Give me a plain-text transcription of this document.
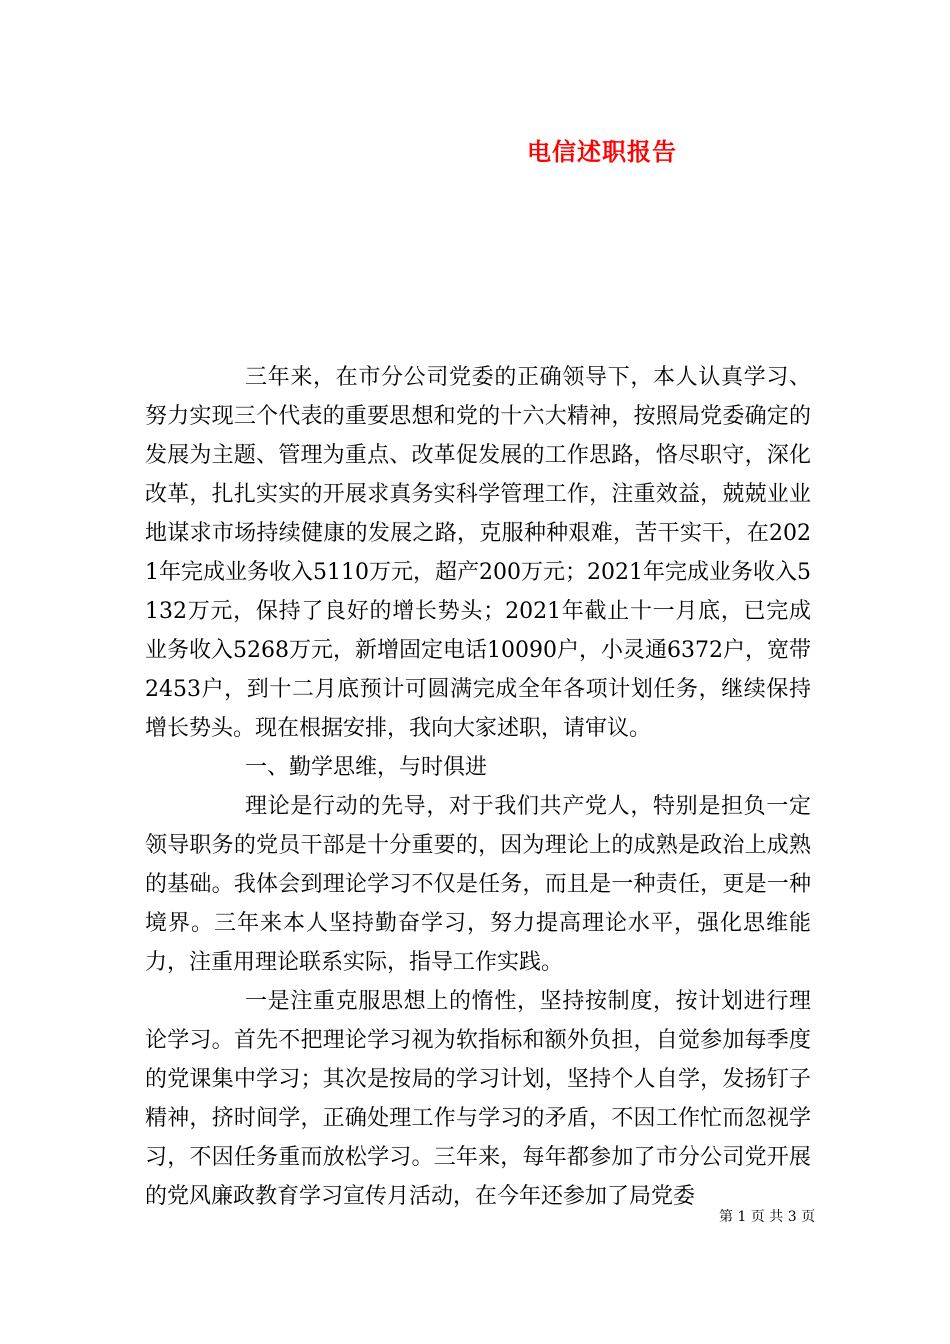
电信述职报告

三年来，在市分公司党委的正确领导下，本人认真学习、努力实现三个代表的重要思想和党的十六大精神，按照局党委确定的发展为主题、管理为重点、改革促发展的工作思路，恪尽职守，深化改革，扎扎实实的开展求真务实科学管理工作，注重效益，兢兢业业地谋求市场持续健康的发展之路，克服种种艰难，苦干实干，在2021年完成业务收入5110万元，超产200万元；2021年完成业务收入5132万元，保持了良好的增长势头；2021年截止十一月底，已完成业务收入5268万元，新增固定电话10090户，小灵通6372户，宽带2453户，到十二月底预计可圆满完成全年各项计划任务，继续保持增长势头。现在根据安排，我向大家述职，请审议。

一、勤学思维，与时俱进

理论是行动的先导，对于我们共产党人，特别是担负一定领导职务的党员干部是十分重要的，因为理论上的成熟是政治上成熟的基础。我体会到理论学习不仅是任务，而且是一种责任，更是一种境界。三年来本人坚持勤奋学习，努力提高理论水平，强化思维能力，注重用理论联系实际，指导工作实践。

一是注重克服思想上的惰性，坚持按制度，按计划进行理论学习。首先不把理论学习视为软指标和额外负担，自觉参加每季度的党课集中学习；其次是按局的学习计划，坚持个人自学，发扬钉子精神，挤时间学，正确处理工作与学习的矛盾，不因工作忙而忽视学习，不因任务重而放松学习。三年来，每年都参加了市分公司党开展的党风廉政教育学习宣传月活动，在今年还参加了局党委

第 1 页 共 3 页
